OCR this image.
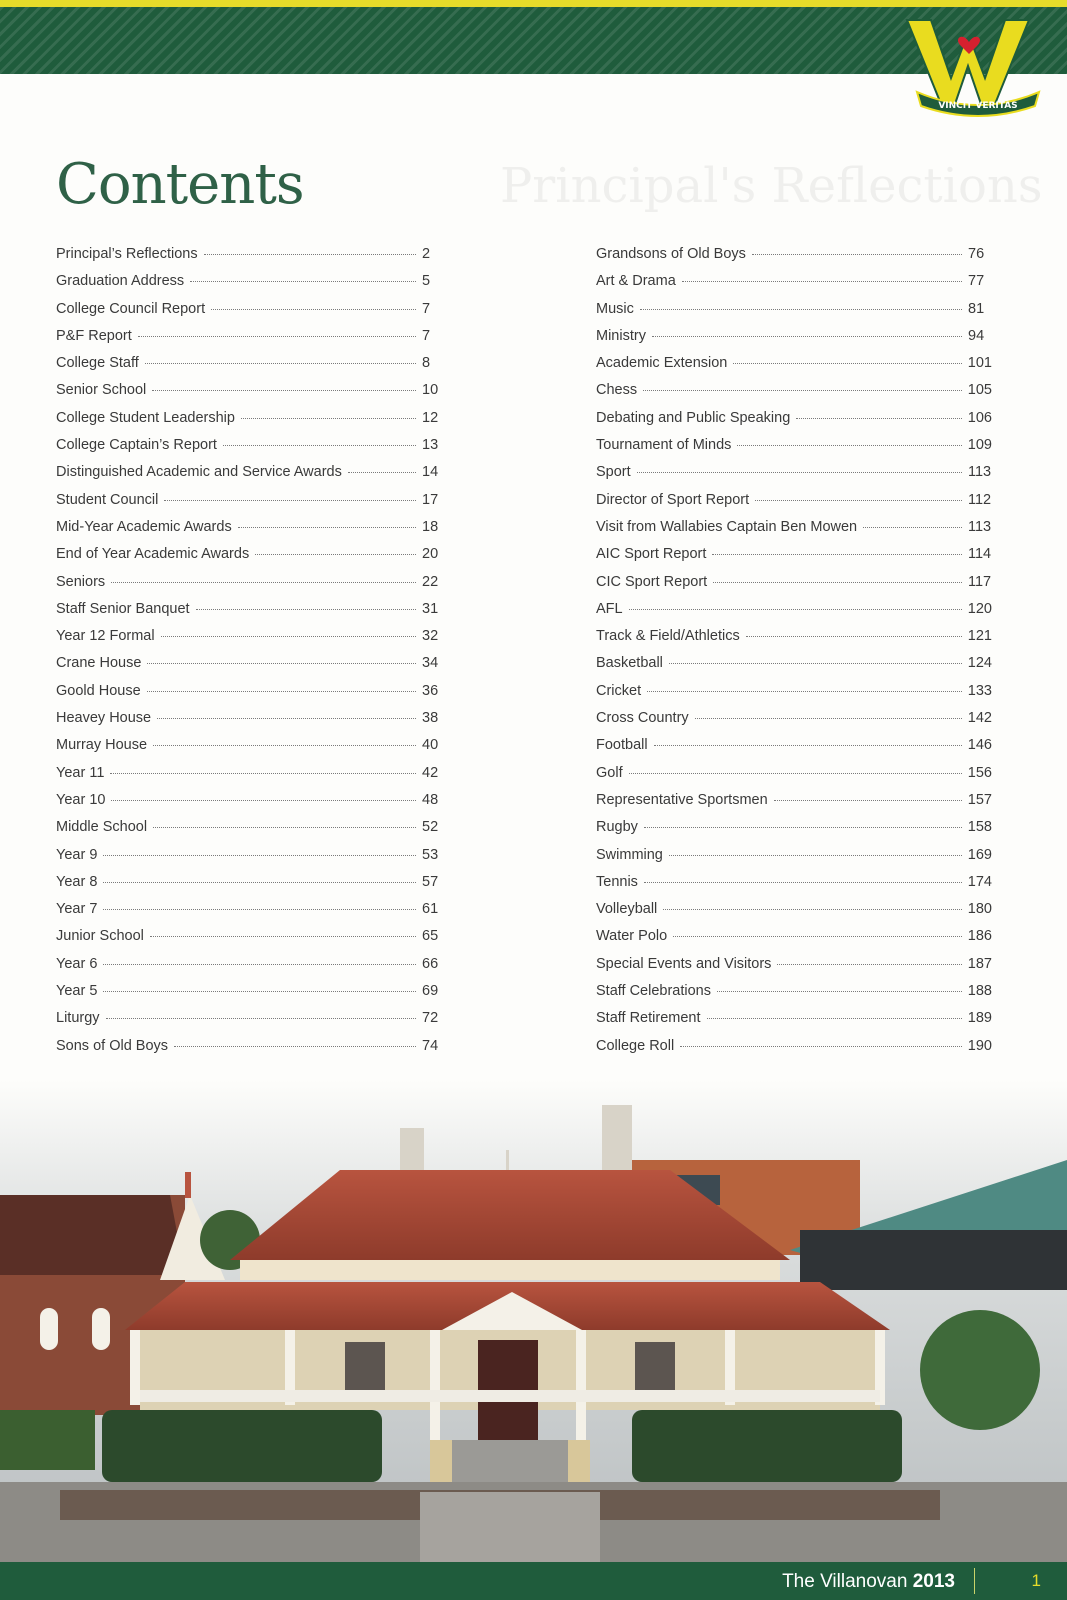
VINCIT VERITAS
Principal's Reflections
Contents
Principal’s Reflections	2
Graduation Address	5
College Council Report	7
P&F Report	7
College Staff	8
Senior School	10
College Student Leadership	12
College Captain’s Report	13
Distinguished Academic and Service Awards	14
Student Council	17
Mid-Year Academic Awards	18
End of Year Academic Awards	20
Seniors	22
Staff Senior Banquet	31
Year 12 Formal	32
Crane House	34
Goold House	36
Heavey House	38
Murray House	40
Year 11	42
Year 10	48
Middle School	52
Year 9	53
Year 8	57
Year 7	61
Junior School	65
Year 6	66
Year 5	69
Liturgy	72
Sons of Old Boys	74
Grandsons of Old Boys	76
Art & Drama	77
Music	81
Ministry	94
Academic Extension	101
Chess	105
Debating and Public Speaking	106
Tournament of Minds	109
Sport	113
Director of Sport Report	112
Visit from Wallabies Captain Ben Mowen	113
AIC Sport Report	114
CIC Sport Report	117
AFL	120
Track & Field/Athletics	121
Basketball	124
Cricket	133
Cross Country	142
Football	146
Golf	156
Representative Sportsmen	157
Rugby	158
Swimming	169
Tennis	174
Volleyball	180
Water Polo	186
Special Events and Visitors	187
Staff Celebrations	188
Staff Retirement	189
College Roll	190
The Villanovan 2013	1
